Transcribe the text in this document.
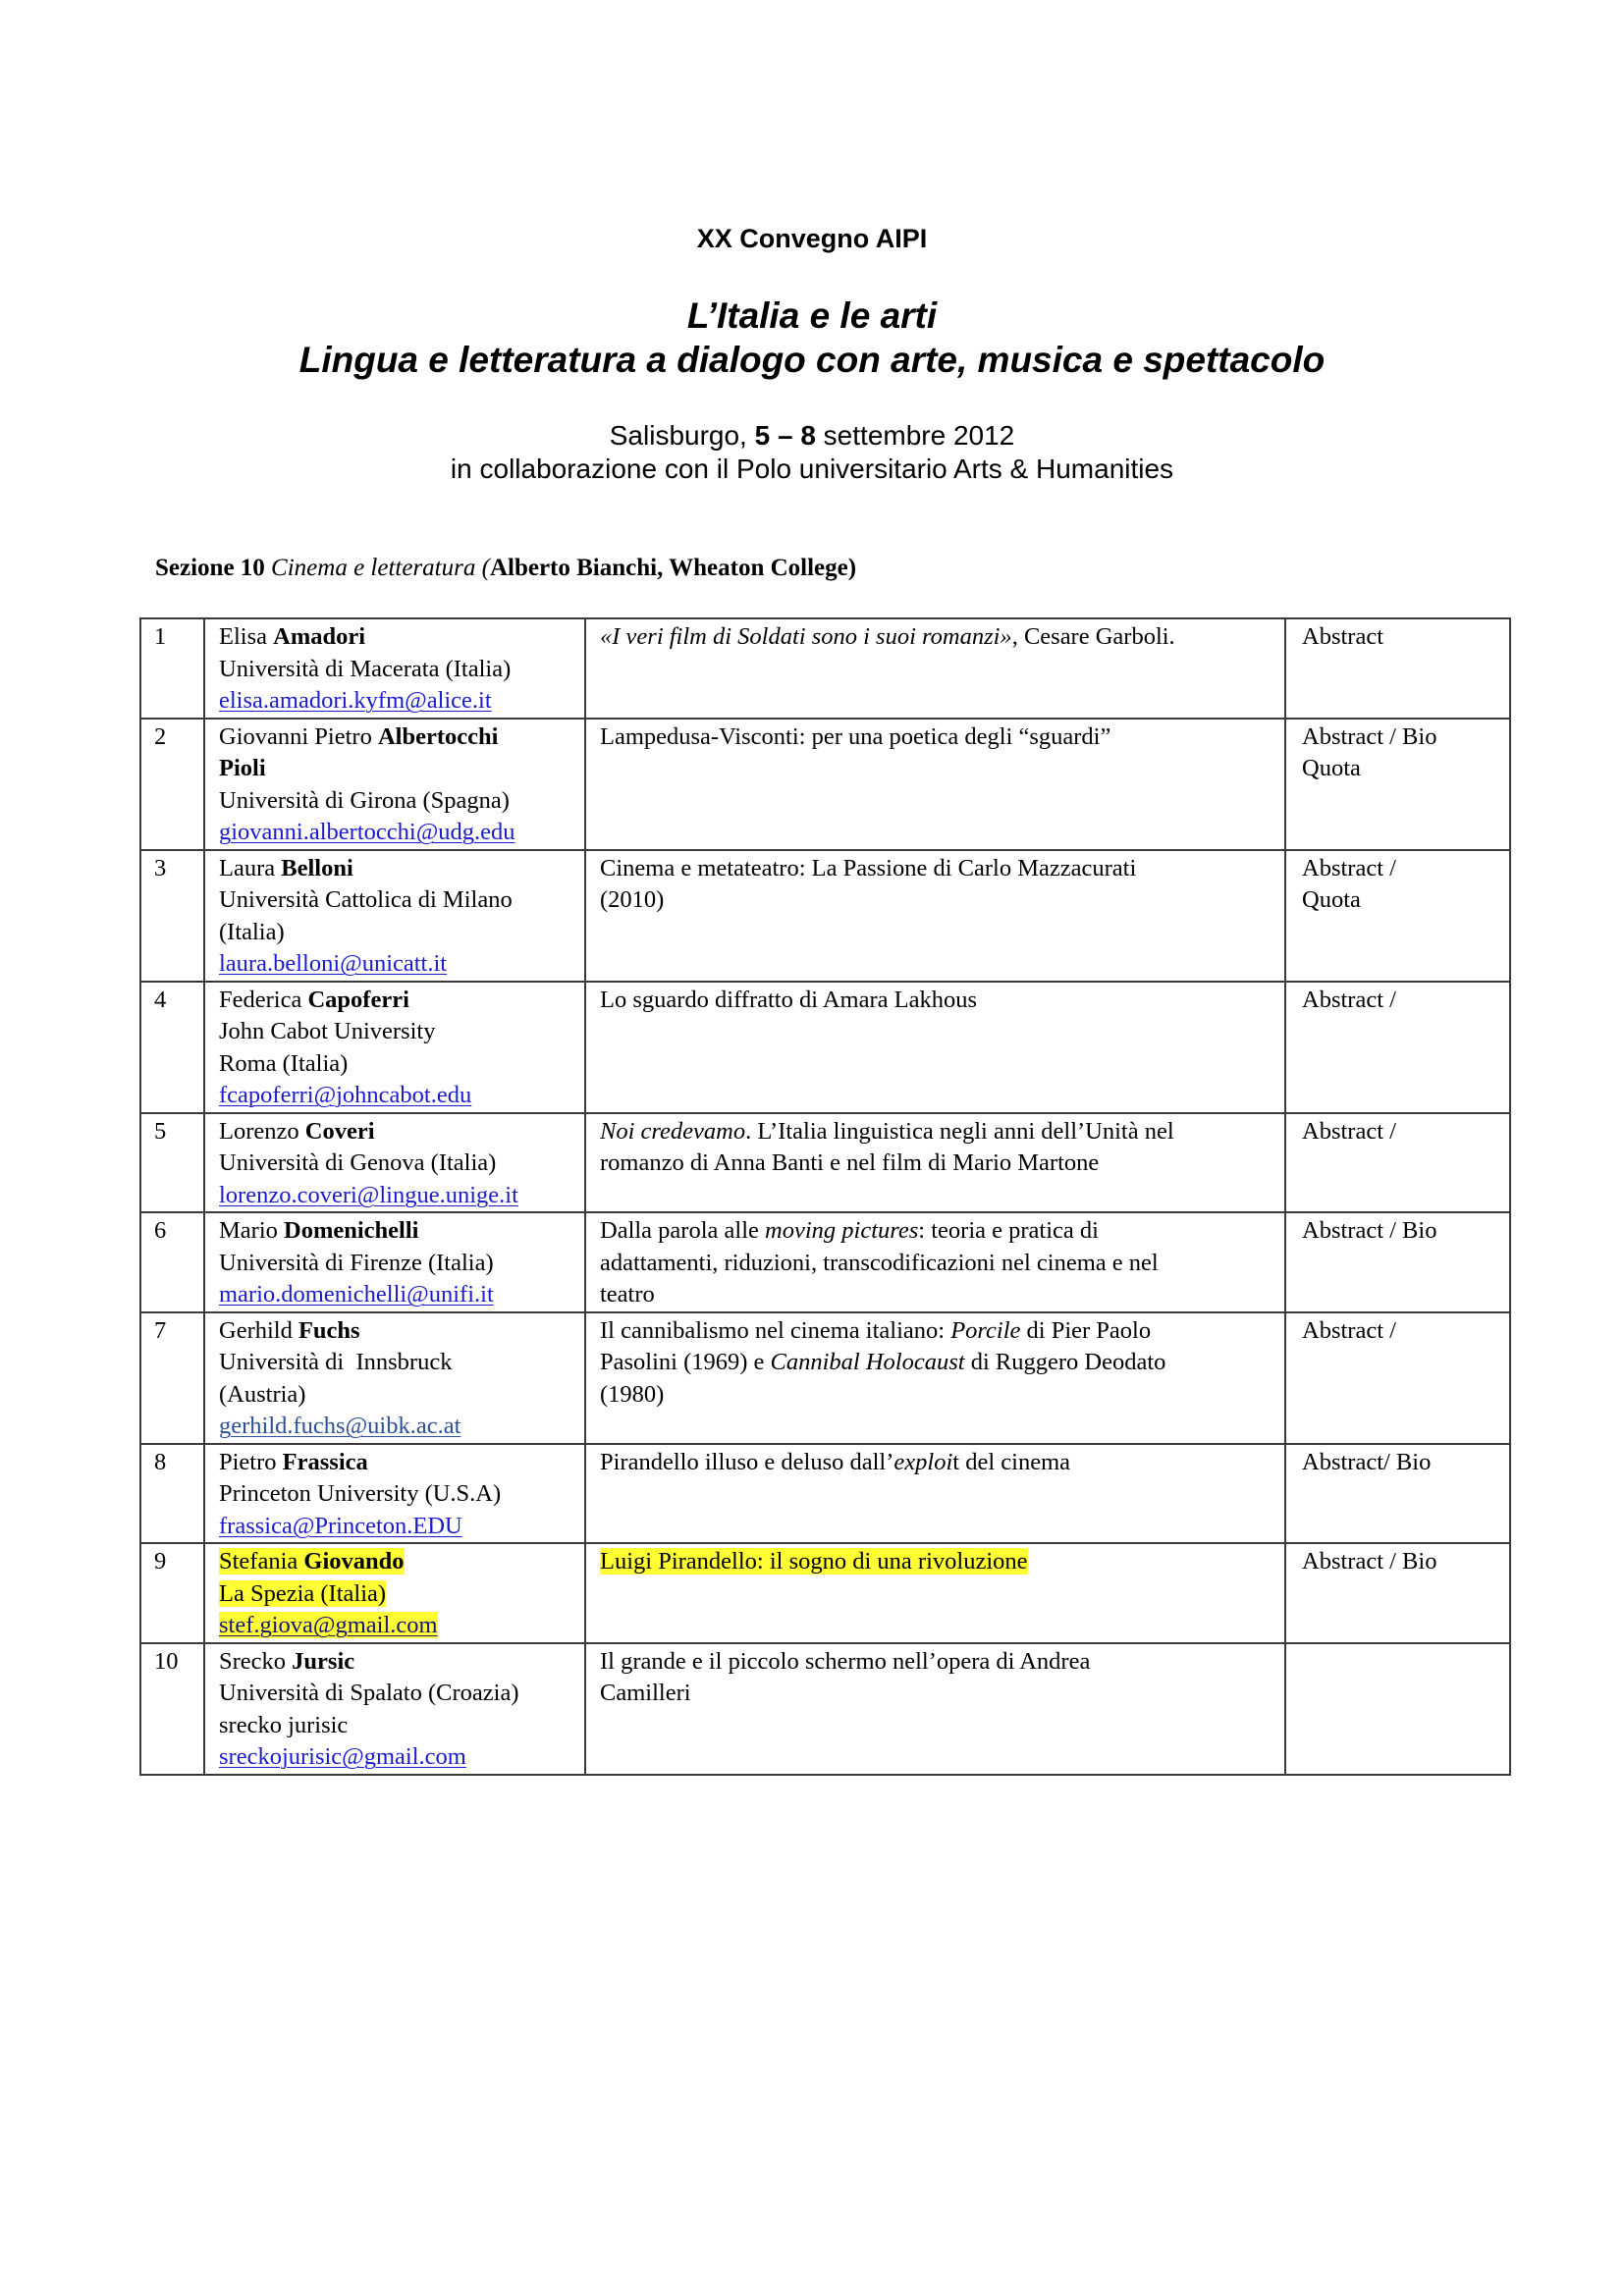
XX Convegno AIPI
L’Italia e le arti
Lingua e letteratura a dialogo con arte, musica e spettacolo
Salisburgo, 5 – 8 settembre 2012
in collaborazione con il Polo universitario Arts & Humanities
Sezione 10 Cinema e letteratura (Alberto Bianchi, Wheaton College)
1	Elisa Amadori
Università di Macerata (Italia)
elisa.amadori.kyfm@alice.it	«I veri film di Soldati sono i suoi romanzi», Cesare Garboli.	Abstract

2	Giovanni Pietro Albertocchi
Pioli
Università di Girona (Spagna)
giovanni.albertocchi@udg.edu	Lampedusa-Visconti: per una poetica degli “sguardi”	Abstract / Bio
Quota

3	Laura Belloni
Università Cattolica di Milano
(Italia)
laura.belloni@unicatt.it	Cinema e metateatro: La Passione di Carlo Mazzacurati
(2010)	Abstract /
Quota

4	Federica Capoferri
John Cabot University
Roma (Italia)
fcapoferri@johncabot.edu	Lo sguardo diffratto di Amara Lakhous	Abstract /

5	Lorenzo Coveri
Università di Genova (Italia)
lorenzo.coveri@lingue.unige.it	Noi credevamo. L’Italia linguistica negli anni dell’Unità nel
romanzo di Anna Banti e nel film di Mario Martone	Abstract /

6	Mario Domenichelli
Università di Firenze (Italia)
mario.domenichelli@unifi.it	Dalla parola alle moving pictures: teoria e pratica di
adattamenti, riduzioni, transcodificazioni nel cinema e nel
teatro	Abstract / Bio

7	Gerhild Fuchs
Università di  Innsbruck
(Austria)
gerhild.fuchs@uibk.ac.at	Il cannibalismo nel cinema italiano: Porcile di Pier Paolo
Pasolini (1969) e Cannibal Holocaust di Ruggero Deodato
(1980)	Abstract /

8	Pietro Frassica
Princeton University (U.S.A)
frassica@Princeton.EDU	Pirandello illuso e deluso dall’exploit del cinema	Abstract/ Bio

9	Stefania Giovando
La Spezia (Italia)
stef.giova@gmail.com	Luigi Pirandello: il sogno di una rivoluzione	Abstract / Bio

10	Srecko Jursic
Università di Spalato (Croazia)
srecko jurisic
sreckojurisic@gmail.com	Il grande e il piccolo schermo nell’opera di Andrea
Camilleri	
